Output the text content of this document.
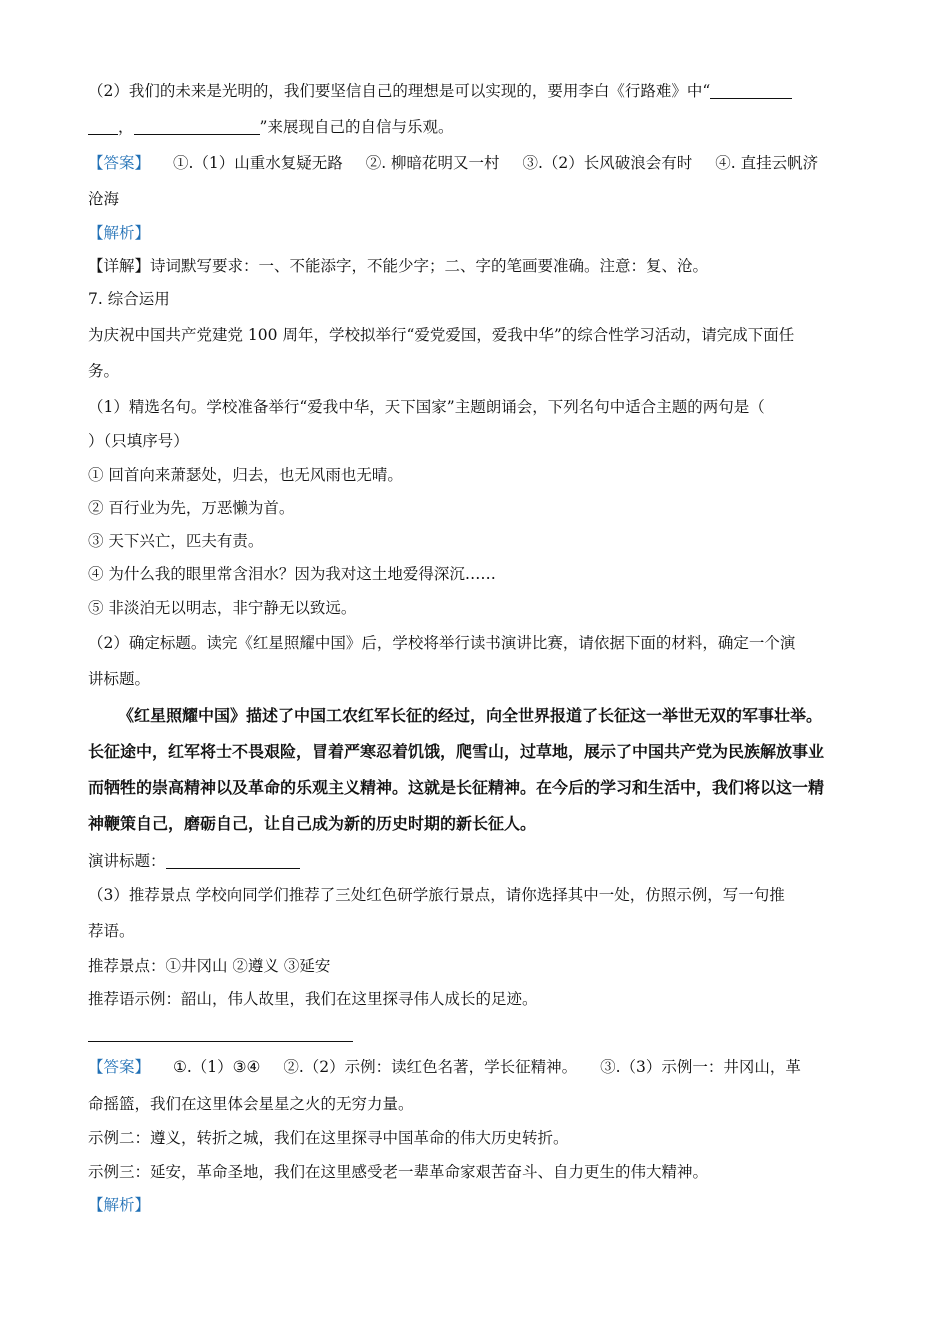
（2）我们的未来是光明的，我们要坚信自己的理想是可以实现的，要用李白《行路难》中“
，	”来展现自己的自信与乐观。
【答案】 ①.（1）山重水复疑无路 ②. 柳暗花明又一村 ③.（2）长风破浪会有时 ④. 直挂云帆济
沧海
【解析】
【详解】诗词默写要求：一、不能添字，不能少字；二、字的笔画要准确。注意：复、沧。
7. 综合运用
为庆祝中国共产党建党 100 周年，学校拟举行“爱党爱国，爱我中华”的综合性学习活动，请完成下面任
务。
（1）精选名句。学校准备举行“爱我中华，天下国家”主题朗诵会，下列名句中适合主题的两句是（
）（只填序号）
① 回首向来萧瑟处，归去，也无风雨也无晴。
② 百行业为先，万恶懒为首。
③ 天下兴亡，匹夫有责。
④ 为什么我的眼里常含泪水？因为我对这土地爱得深沉……
⑤ 非淡泊无以明志，非宁静无以致远。
（2）确定标题。读完《红星照耀中国》后，学校将举行读书演讲比赛，请依据下面的材料，确定一个演
讲标题。
《红星照耀中国》描述了中国工农红军长征的经过，向全世界报道了长征这一举世无双的军事壮举。
长征途中，红军将士不畏艰险，冒着严寒忍着饥饿，爬雪山，过草地，展示了中国共产党为民族解放事业
而牺牲的崇高精神以及革命的乐观主义精神。这就是长征精神。在今后的学习和生活中，我们将以这一精
神鞭策自己，磨砺自己，让自己成为新的历史时期的新长征人。
演讲标题：
（3）推荐景点 学校向同学们推荐了三处红色研学旅行景点，请你选择其中一处，仿照示例，写一句推
荐语。
推荐景点：①井冈山 ②遵义 ③延安
推荐语示例：韶山，伟人故里，我们在这里探寻伟人成长的足迹。
【答案】 ①.（1）③④ ②.（2）示例：读红色名著，学长征精神。 ③.（3）示例一：井冈山，革
命摇篮，我们在这里体会星星之火的无穷力量。
示例二：遵义，转折之城，我们在这里探寻中国革命的伟大历史转折。
示例三：延安，革命圣地，我们在这里感受老一辈革命家艰苦奋斗、自力更生的伟大精神。
【解析】
